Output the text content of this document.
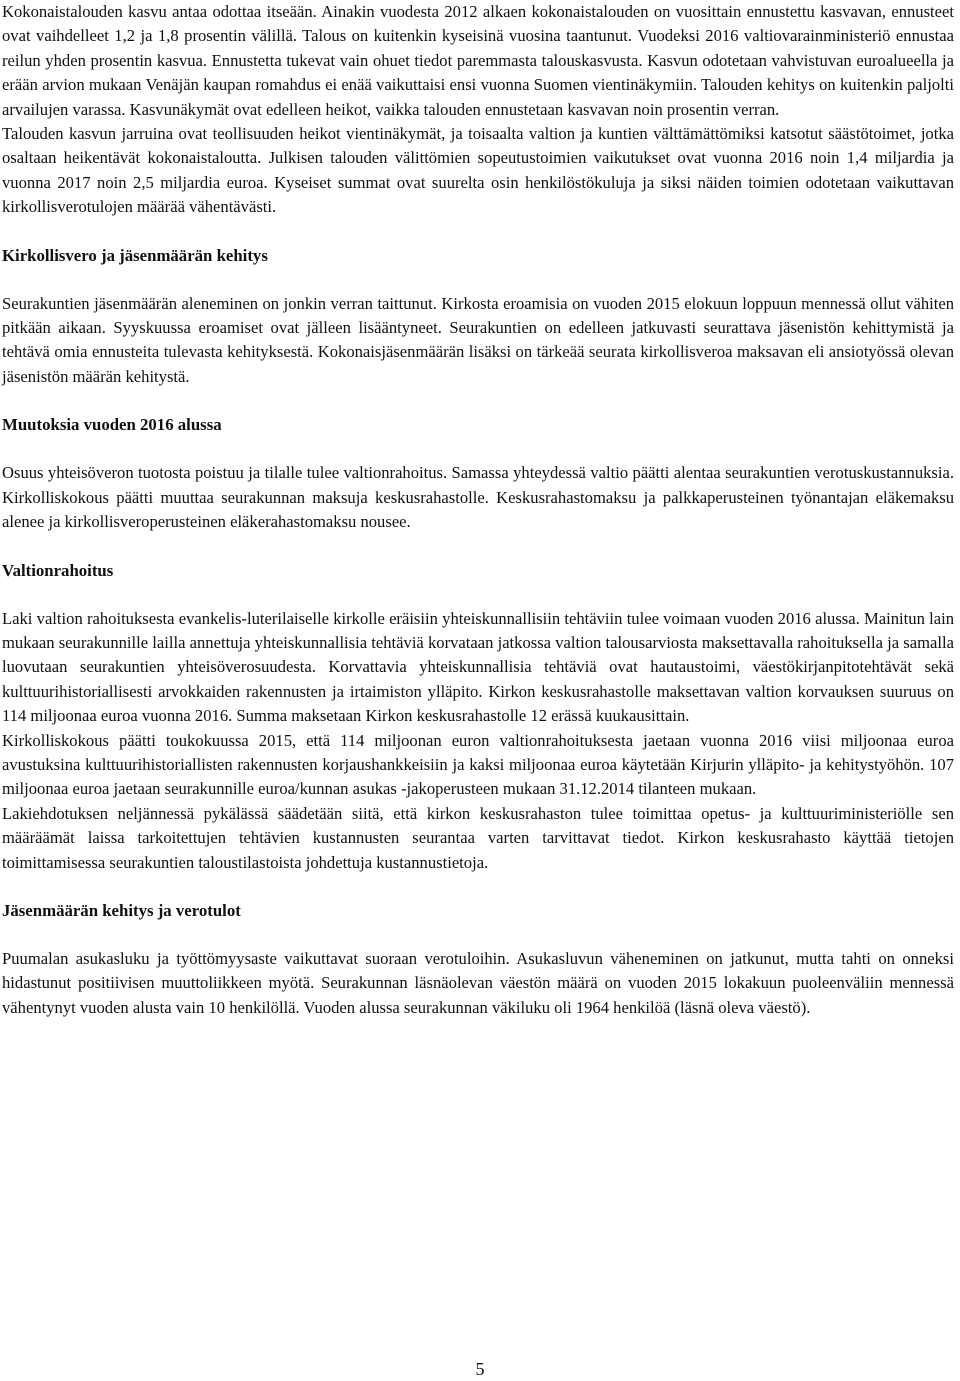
Kokonaistalouden kasvu antaa odottaa itseään. Ainakin vuodesta 2012 alkaen kokonaistalouden on vuosittain ennustettu kasvavan, ennusteet ovat vaihdelleet 1,2 ja 1,8 prosentin välillä. Talous on kuitenkin kyseisinä vuosina taantunut. Vuodeksi 2016 valtiovarainministeriö ennustaa reilun yhden prosentin kasvua. Ennustetta tukevat vain ohuet tiedot paremmasta talouskasvusta. Kasvun odotetaan vahvistuvan euroalueella ja erään arvion mukaan Venäjän kaupan romahdus ei enää vaikuttaisi ensi vuonna Suomen vientinäkymiin. Talouden kehitys on kuitenkin paljolti arvailujen varassa. Kasvunäkymät ovat edelleen heikot, vaikka talouden ennustetaan kasvavan noin prosentin verran.

Talouden kasvun jarruina ovat teollisuuden heikot vientinäkymät, ja toisaalta valtion ja kuntien välttämättömiksi katsotut säästötoimet, jotka osaltaan heikentävät kokonaistaloutta. Julkisen talouden välittömien sopeutustoimien vaikutukset ovat vuonna 2016 noin 1,4 miljardia ja vuonna 2017 noin 2,5 miljardia euroa. Kyseiset summat ovat suurelta osin henkilöstökuluja ja siksi näiden toimien odotetaan vaikuttavan kirkollisverotulojen määrää vähentävästi.

Kirkollisvero ja jäsenmäärän kehitys

Seurakuntien jäsenmäärän aleneminen on jonkin verran taittunut. Kirkosta eroamisia on vuoden 2015 elokuun loppuun mennessä ollut vähiten pitkään aikaan. Syyskuussa eroamiset ovat jälleen lisääntyneet. Seurakuntien on edelleen jatkuvasti seurattava jäsenistön kehittymistä ja tehtävä omia ennusteita tulevasta kehityksestä. Kokonaisjäsenmäärän lisäksi on tärkeää seurata kirkollisveroa maksavan eli ansiotyössä olevan jäsenistön määrän kehitystä.

Muutoksia vuoden 2016 alussa

Osuus yhteisöveron tuotosta poistuu ja tilalle tulee valtionrahoitus. Samassa yhteydessä valtio päätti alentaa seurakuntien verotuskustannuksia. Kirkolliskokous päätti muuttaa seurakunnan maksuja keskusrahastolle. Keskusrahastomaksu ja palkkaperusteinen työnantajan eläkemaksu alenee ja kirkollisveroperusteinen eläkerahastomaksu nousee.

Valtionrahoitus

Laki valtion rahoituksesta evankelis-luterilaiselle kirkolle eräisiin yhteiskunnallisiin tehtäviin tulee voimaan vuoden 2016 alussa. Mainitun lain mukaan seurakunnille lailla annettuja yhteiskunnallisia tehtäviä korvataan jatkossa valtion talousarviosta maksettavalla rahoituksella ja samalla luovutaan seurakuntien yhteisöverosuudesta. Korvattavia yhteiskunnallisia tehtäviä ovat hautaustoimi, väestökirjanpitotehtävät sekä kulttuurihistoriallisesti arvokkaiden rakennusten ja irtaimiston ylläpito. Kirkon keskusrahastolle maksettavan valtion korvauksen suuruus on 114 miljoonaa euroa vuonna 2016. Summa maksetaan Kirkon keskusrahastolle 12 erässä kuukausittain.

Kirkolliskokous päätti toukokuussa 2015, että 114 miljoonan euron valtionrahoituksesta jaetaan vuonna 2016 viisi miljoonaa euroa avustuksina kulttuurihistoriallisten rakennusten korjaushankkeisiin ja kaksi miljoonaa euroa käytetään Kirjurin ylläpito- ja kehitystyöhön. 107 miljoonaa euroa jaetaan seurakunnille euroa/kunnan asukas -jakoperusteen mukaan 31.12.2014 tilanteen mukaan.

Lakiehdotuksen neljännessä pykälässä säädetään siitä, että kirkon keskusrahaston tulee toimittaa opetus- ja kulttuuriministeriölle sen määräämät laissa tarkoitettujen tehtävien kustannusten seurantaa varten tarvittavat tiedot. Kirkon keskusrahasto käyttää tietojen toimittamisessa seurakuntien taloustilastoista johdettuja kustannustietoja.

Jäsenmäärän kehitys ja verotulot

Puumalan asukasluku ja työttömyysaste vaikuttavat suoraan verotuloihin. Asukasluvun väheneminen on jatkunut, mutta tahti on onneksi hidastunut positiivisen muuttoliikkeen myötä. Seurakunnan läsnäolevan väestön määrä on vuoden 2015 lokakuun puoleenväliin mennessä vähentynyt vuoden alusta vain 10 henkilöllä. Vuoden alussa seurakunnan väkiluku oli 1964 henkilöä (läsnä oleva väestö).

5
